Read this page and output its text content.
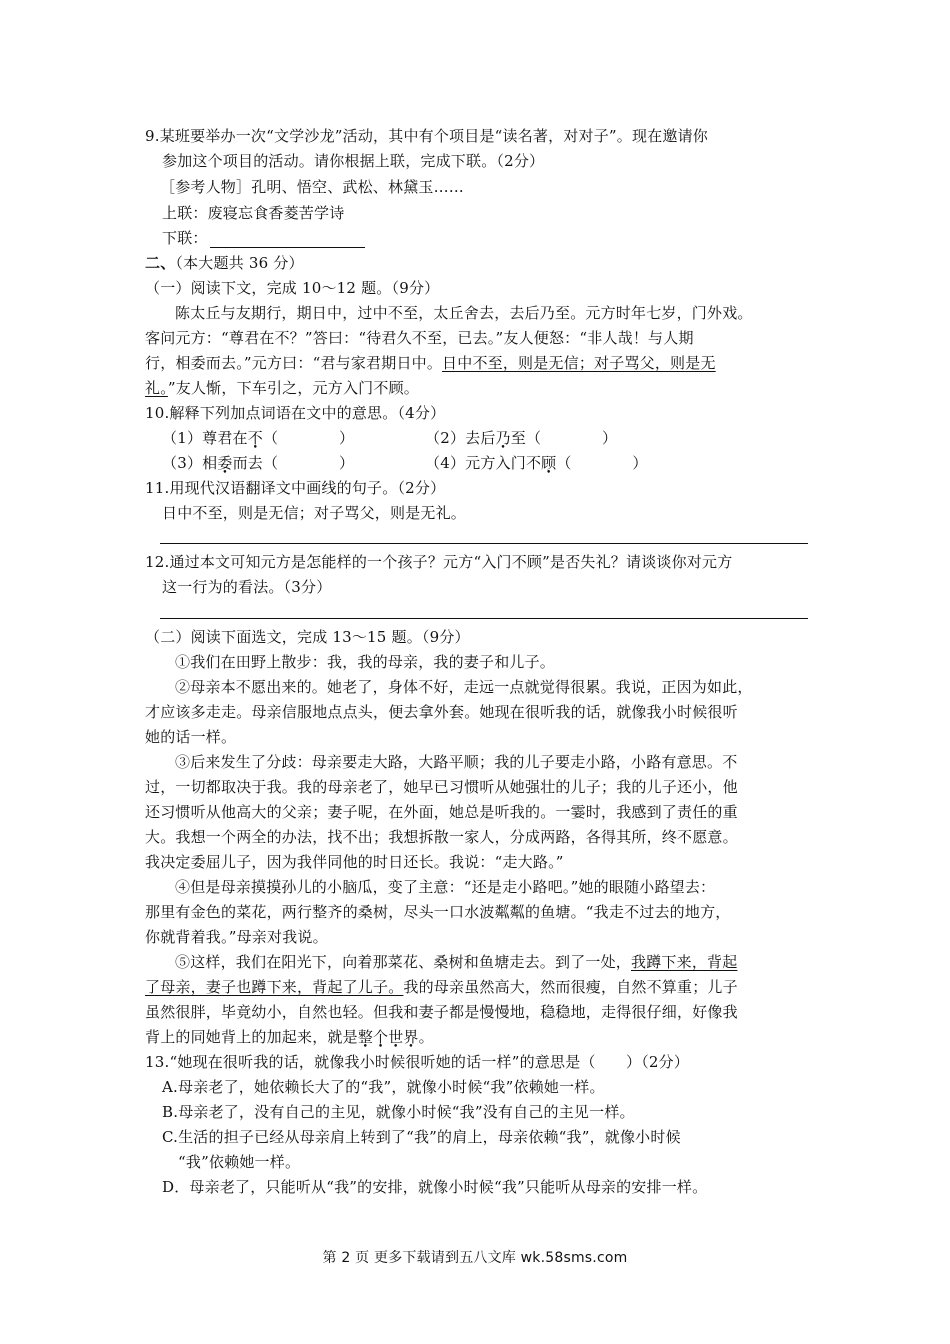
9.某班要举办一次“文学沙龙”活动，其中有个项目是“读名著，对对子”。现在邀请你
参加这个项目的活动。请你根据上联，完成下联。（2分）
［参考人物］孔明、悟空、武松、林黛玉……
上联：废寝忘食香菱苦学诗
下联：
二、（本大题共 36 分）
（一）阅读下文，完成 10～12 题。（9分）
陈太丘与友期行，期日中，过中不至，太丘舍去，去后乃至。元方时年七岁，门外戏。
客问元方：“尊君在不？”答曰：“待君久不至，已去。”友人便怒：“非人哉！与人期
行，相委而去。”元方曰：“君与家君期日中。日中不至，则是无信；对子骂父，则是无
礼。”友人惭，下车引之，元方入门不顾。
10.解释下列加点词语在文中的意思。（4分）
（1）尊君在不（　　　　）	（2）去后乃至（　　　　）
（3）相委而去（　　　　）	（4）元方入门不顾（　　　　）
11.用现代汉语翻译文中画线的句子。（2分）
日中不至，则是无信；对子骂父，则是无礼。
12.通过本文可知元方是怎能样的一个孩子？元方“入门不顾”是否失礼？请谈谈你对元方
这一行为的看法。（3分）
（二）阅读下面选文，完成 13～15 题。（9分）
①我们在田野上散步：我，我的母亲，我的妻子和儿子。
②母亲本不愿出来的。她老了，身体不好，走远一点就觉得很累。我说，正因为如此，
才应该多走走。母亲信服地点点头，便去拿外套。她现在很听我的话，就像我小时候很听
她的话一样。
③后来发生了分歧：母亲要走大路，大路平顺；我的儿子要走小路，小路有意思。不
过，一切都取决于我。我的母亲老了，她早已习惯听从她强壮的儿子；我的儿子还小，他
还习惯听从他高大的父亲；妻子呢，在外面，她总是听我的。一霎时，我感到了责任的重
大。我想一个两全的办法，找不出；我想拆散一家人，分成两路，各得其所，终不愿意。
我决定委屈儿子，因为我伴同他的时日还长。我说：“走大路。”
④但是母亲摸摸孙儿的小脑瓜，变了主意：“还是走小路吧。”她的眼随小路望去：
那里有金色的菜花，两行整齐的桑树，尽头一口水波粼粼的鱼塘。“我走不过去的地方，
你就背着我。”母亲对我说。
⑤这样，我们在阳光下，向着那菜花、桑树和鱼塘走去。到了一处，我蹲下来，背起
了母亲，妻子也蹲下来，背起了儿子。我的母亲虽然高大，然而很瘦，自然不算重；儿子
虽然很胖，毕竟幼小，自然也轻。但我和妻子都是慢慢地，稳稳地，走得很仔细，好像我
背上的同她背上的加起来，就是整个世界。
13.“她现在很听我的话，就像我小时候很听她的话一样”的意思是（　　）（2分）
A.母亲老了，她依赖长大了的“我”，就像小时候“我”依赖她一样。
B.母亲老了，没有自己的主见，就像小时候“我”没有自己的主见一样。
C.生活的担子已经从母亲肩上转到了“我”的肩上，母亲依赖“我”，就像小时候
“我”依赖她一样。
D．母亲老了，只能听从“我”的安排，就像小时候“我”只能听从母亲的安排一样。
第 2 页 更多下载请到五八文库 wk.58sms.com
